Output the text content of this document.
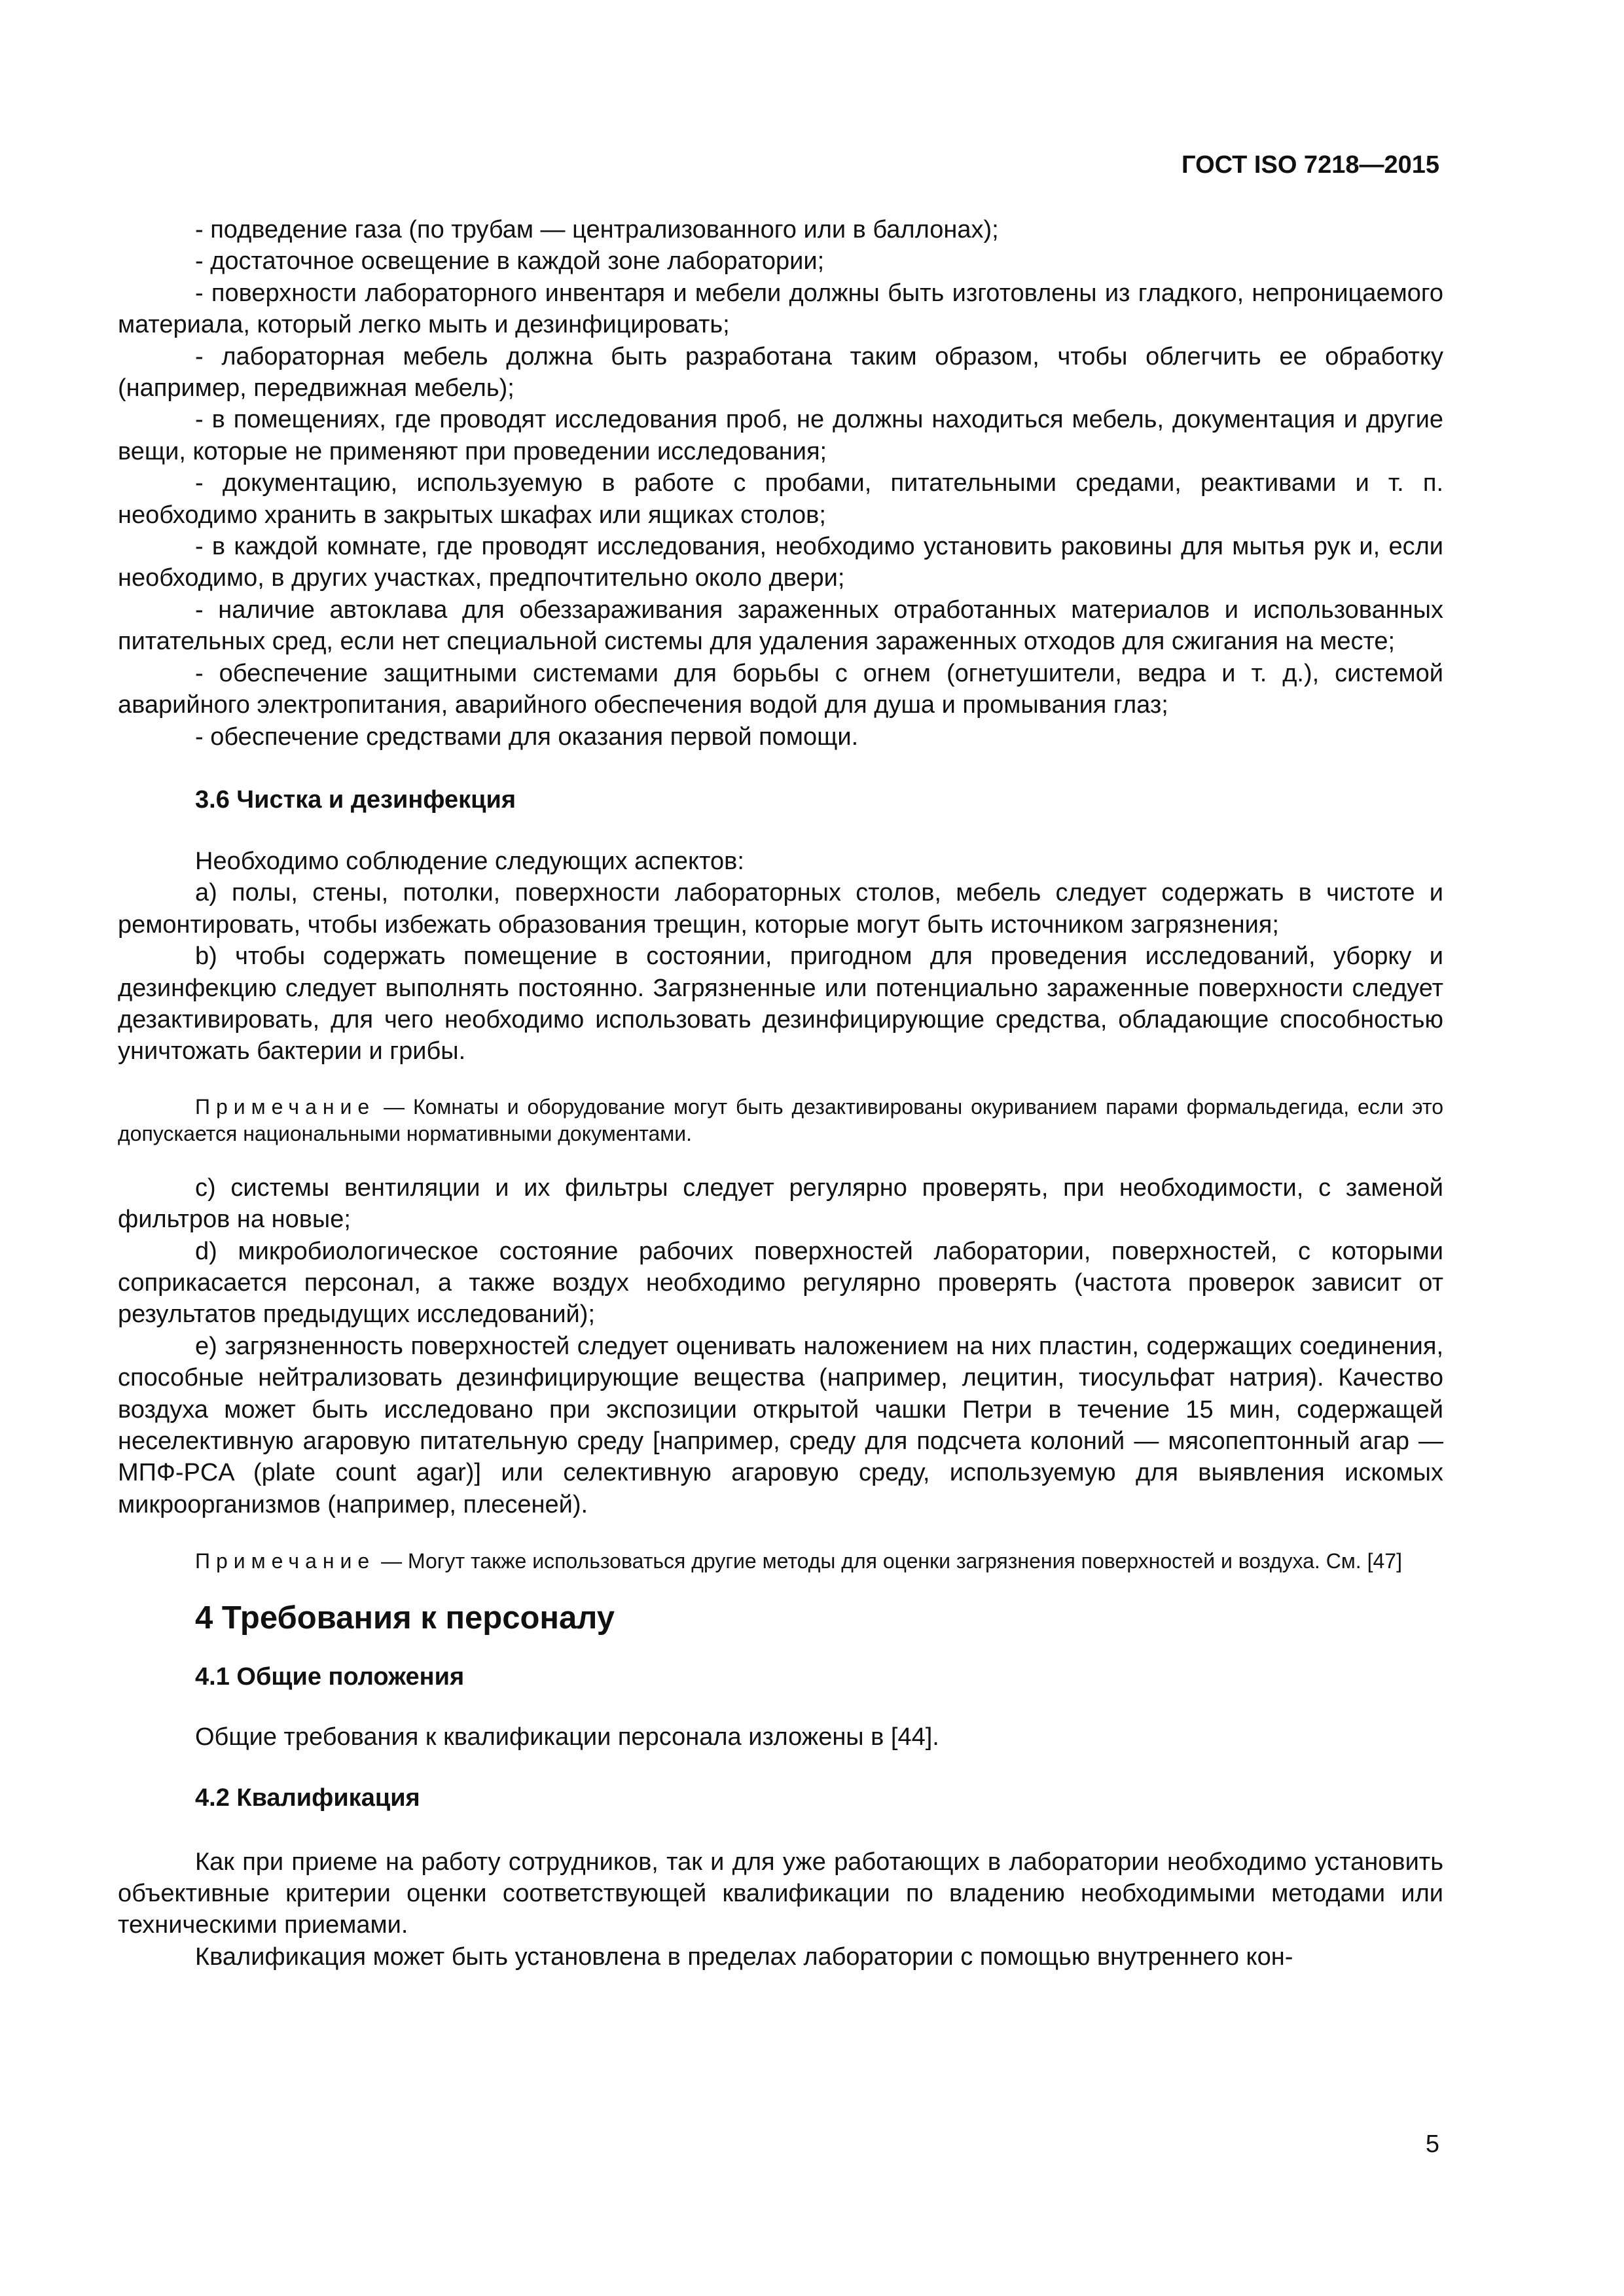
ГОСТ ISO 7218—2015

- подведение газа (по трубам — централизованного или в баллонах);

- достаточное освещение в каждой зоне лаборатории;

- поверхности лабораторного инвентаря и мебели должны быть изготовлены из гладкого, непроницаемого материала, который легко мыть и дезинфицировать;

- лабораторная мебель должна быть разработана таким образом, чтобы облегчить ее обработку (например, передвижная мебель);

- в помещениях, где проводят исследования проб, не должны находиться мебель, документация и другие вещи, которые не применяют при проведении исследования;

- документацию, используемую в работе с пробами, питательными средами, реактивами и т. п. необходимо хранить в закрытых шкафах или ящиках столов;

- в каждой комнате, где проводят исследования, необходимо установить раковины для мытья рук и, если необходимо, в других участках, предпочтительно около двери;

- наличие автоклава для обеззараживания зараженных отработанных материалов и использованных питательных сред, если нет специальной системы для удаления зараженных отходов для сжигания на месте;

- обеспечение защитными системами для борьбы с огнем (огнетушители, ведра и т. д.), системой аварийного электропитания, аварийного обеспечения водой для душа и промывания глаз;

- обеспечение средствами для оказания первой помощи.

3.6 Чистка и дезинфекция

Необходимо соблюдение следующих аспектов:

а) полы, стены, потолки, поверхности лабораторных столов, мебель следует содержать в чистоте и ремонтировать, чтобы избежать образования трещин, которые могут быть источником загрязнения;

b) чтобы содержать помещение в состоянии, пригодном для проведения исследований, уборку и дезинфекцию следует выполнять постоянно. Загрязненные или потенциально зараженные поверхности следует дезактивировать, для чего необходимо использовать дезинфицирующие средства, обладающие способностью уничтожать бактерии и грибы.

Примечание — Комнаты и оборудование могут быть дезактивированы окуриванием парами формальдегида, если это допускается национальными нормативными документами.

с) системы вентиляции и их фильтры следует регулярно проверять, при необходимости, с заменой фильтров на новые;

d) микробиологическое состояние рабочих поверхностей лаборатории, поверхностей, с которыми соприкасается персонал, а также воздух необходимо регулярно проверять (частота проверок зависит от результатов предыдущих исследований);

е) загрязненность поверхностей следует оценивать наложением на них пластин, содержащих соединения, способные нейтрализовать дезинфицирующие вещества (например, лецитин, тиосульфат натрия). Качество воздуха может быть исследовано при экспозиции открытой чашки Петри в течение 15 мин, содержащей неселективную агаровую питательную среду [например, среду для подсчета колоний — мясопептонный агар — МПФ-PCA (plate count agar)] или селективную агаровую среду, используемую для выявления искомых микроорганизмов (например, плесеней).

Примечание — Могут также использоваться другие методы для оценки загрязнения поверхностей и воздуха. См. [47]

4 Требования к персоналу
4.1 Общие положения

Общие требования к квалификации персонала изложены в [44].

4.2 Квалификация

Как при приеме на работу сотрудников, так и для уже работающих в лаборатории необходимо установить объективные критерии оценки соответствующей квалификации по владению необходимыми методами или техническими приемами.

Квалификация может быть установлена в пределах лаборатории с помощью внутреннего кон-

5
